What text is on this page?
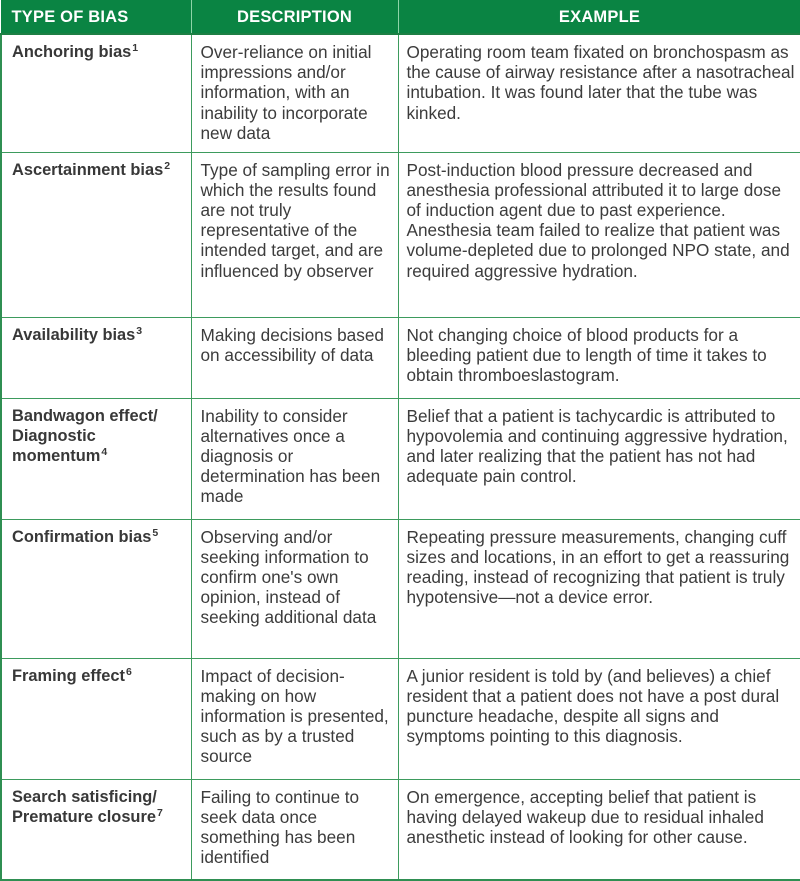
TYPE OF BIAS	DESCRIPTION	EXAMPLE
Anchoring bias$^1$	Over-reliance on initial impressions and/or information, with an inability to incorporate new data	Operating room team fixated on bronchospasm as the cause of airway resistance after a nasotracheal intubation. It was found later that the tube was kinked.
Ascertainment bias$^2$	Type of sampling error in which the results found are not truly representative of the intended target, and are influenced by observer	Post-induction blood pressure decreased and anesthesia professional attributed it to large dose of induction agent due to past experience. Anesthesia team failed to realize that patient was volume-depleted due to prolonged NPO state, and required aggressive hydration.
Availability bias$^3$	Making decisions based on accessibility of data	Not changing choice of blood products for a bleeding patient due to length of time it takes to obtain thromboeslastogram.
Bandwagon effect/ Diagnostic momentum$^4$	Inability to consider alternatives once a diagnosis or determination has been made	Belief that a patient is tachycardic is attributed to hypovolemia and continuing aggressive hydration, and later realizing that the patient has not had adequate pain control.
Confirmation bias$^5$	Observing and/or seeking information to confirm one's own opinion, instead of seeking additional data	Repeating pressure measurements, changing cuff sizes and locations, in an effort to get a reassuring reading, instead of recognizing that patient is truly hypotensive—not a device error.
Framing effect$^6$	Impact of decision-making on how information is presented, such as by a trusted source	A junior resident is told by (and believes) a chief resident that a patient does not have a post dural puncture headache, despite all signs and symptoms pointing to this diagnosis.
Search satisficing/ Premature closure$^7$	Failing to continue to seek data once something has been identified	On emergence, accepting belief that patient is having delayed wakeup due to residual inhaled anesthetic instead of looking for other cause.
